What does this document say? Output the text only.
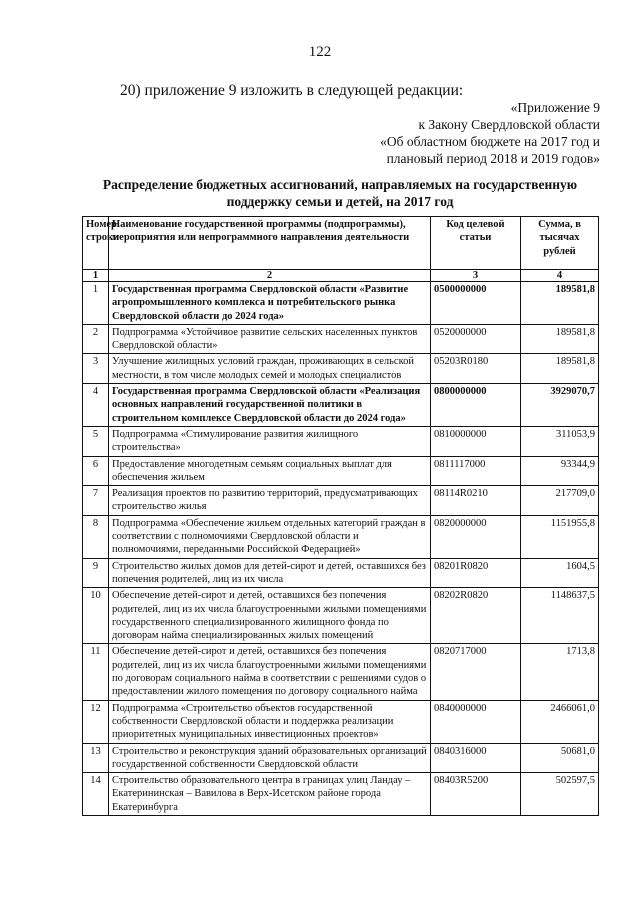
122
20) приложение 9 изложить в следующей редакции:
«Приложение 9
к Закону Свердловской области
«Об областном бюджете на 2017 год и
плановый период 2018 и 2019 годов»
Распределение бюджетных ассигнований, направляемых на государственную
поддержку семьи и детей, на 2017 год
Номер строки	Наименование государственной программы (подпрограммы), мероприятия или непрограммного направления деятельности	Код целевой статьи	Сумма, в тысячах рублей
1	2	3	4
1	Государственная программа Свердловской области «Развитие агропромышленного комплекса и потребительского рынка Свердловской области до 2024 года»	0500000000	189581,8
2	Подпрограмма «Устойчивое развитие сельских населенных пунктов Свердловской области»	0520000000	189581,8
3	Улучшение жилищных условий граждан, проживающих в сельской местности, в том числе молодых семей и молодых специалистов	05203R0180	189581,8
4	Государственная программа Свердловской области «Реализация основных направлений государственной политики в строительном комплексе Свердловской области до 2024 года»	0800000000	3929070,7
5	Подпрограмма «Стимулирование развития жилищного строительства»	0810000000	311053,9
6	Предоставление многодетным семьям социальных выплат для обеспечения жильем	0811117000	93344,9
7	Реализация проектов по развитию территорий, предусматривающих строительство жилья	08114R0210	217709,0
8	Подпрограмма «Обеспечение жильем отдельных категорий граждан в соответствии с полномочиями Свердловской области и полномочиями, переданными Российской Федерацией»	0820000000	1151955,8
9	Строительство жилых домов для детей-сирот и детей, оставшихся без попечения родителей, лиц из их числа	08201R0820	1604,5
10	Обеспечение детей-сирот и детей, оставшихся без попечения родителей, лиц из их числа благоустроенными жилыми помещениями государственного специализированного жилищного фонда по договорам найма специализированных жилых помещений	08202R0820	1148637,5
11	Обеспечение детей-сирот и детей, оставшихся без попечения родителей, лиц из их числа благоустроенными жилыми помещениями по договорам социального найма в соответствии с решениями судов о предоставлении жилого помещения по договору социального найма	0820717000	1713,8
12	Подпрограмма «Строительство объектов государственной собственности Свердловской области и поддержка реализации приоритетных муниципальных инвестиционных проектов»	0840000000	2466061,0
13	Строительство и реконструкция зданий образовательных организаций государственной собственности Свердловской области	0840316000	50681,0
14	Строительство образовательного центра в границах улиц Ландау – Екатерининская – Вавилова в Верх-Исетском районе города Екатеринбурга	08403R5200	502597,5
